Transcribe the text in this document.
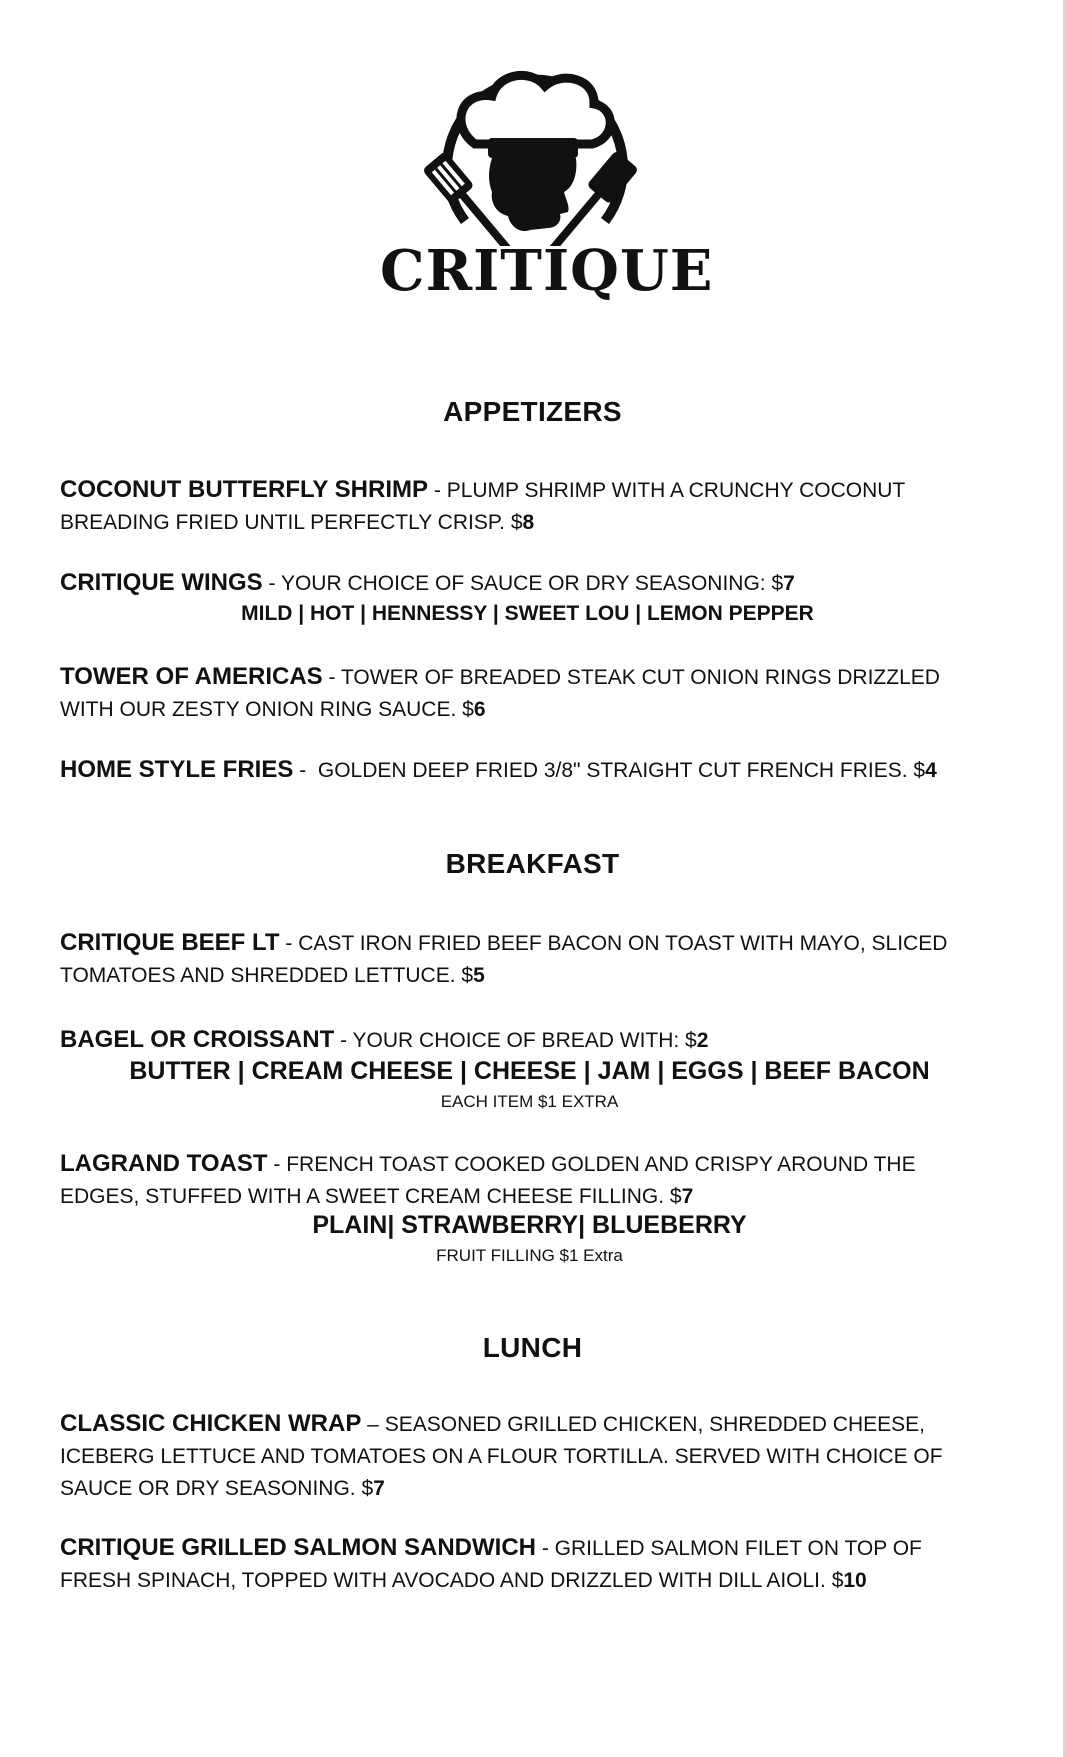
CRITIQUE
APPETIZERS
COCONUT BUTTERFLY SHRIMP - PLUMP SHRIMP WITH A CRUNCHY COCONUT BREADING FRIED UNTIL PERFECTLY CRISP. $8
CRITIQUE WINGS - YOUR CHOICE OF SAUCE OR DRY SEASONING: $7
MILD | HOT | HENNESSY | SWEET LOU | LEMON PEPPER
TOWER OF AMERICAS - TOWER OF BREADED STEAK CUT ONION RINGS DRIZZLED WITH OUR ZESTY ONION RING SAUCE. $6
HOME STYLE FRIES -  GOLDEN DEEP FRIED 3/8" STRAIGHT CUT FRENCH FRIES. $4
BREAKFAST
CRITIQUE BEEF LT - CAST IRON FRIED BEEF BACON ON TOAST WITH MAYO, SLICED TOMATOES AND SHREDDED LETTUCE. $5
BAGEL OR CROISSANT - YOUR CHOICE OF BREAD WITH: $2
BUTTER | CREAM CHEESE | CHEESE | JAM | EGGS | BEEF BACON
EACH ITEM $1 EXTRA
LAGRAND TOAST - FRENCH TOAST COOKED GOLDEN AND CRISPY AROUND THE EDGES, STUFFED WITH A SWEET CREAM CHEESE FILLING. $7
PLAIN| STRAWBERRY| BLUEBERRY
FRUIT FILLING $1 Extra
LUNCH
CLASSIC CHICKEN WRAP – SEASONED GRILLED CHICKEN, SHREDDED CHEESE, ICEBERG LETTUCE AND TOMATOES ON A FLOUR TORTILLA. SERVED WITH CHOICE OF SAUCE OR DRY SEASONING. $7
CRITIQUE GRILLED SALMON SANDWICH - GRILLED SALMON FILET ON TOP OF FRESH SPINACH, TOPPED WITH AVOCADO AND DRIZZLED WITH DILL AIOLI. $10
